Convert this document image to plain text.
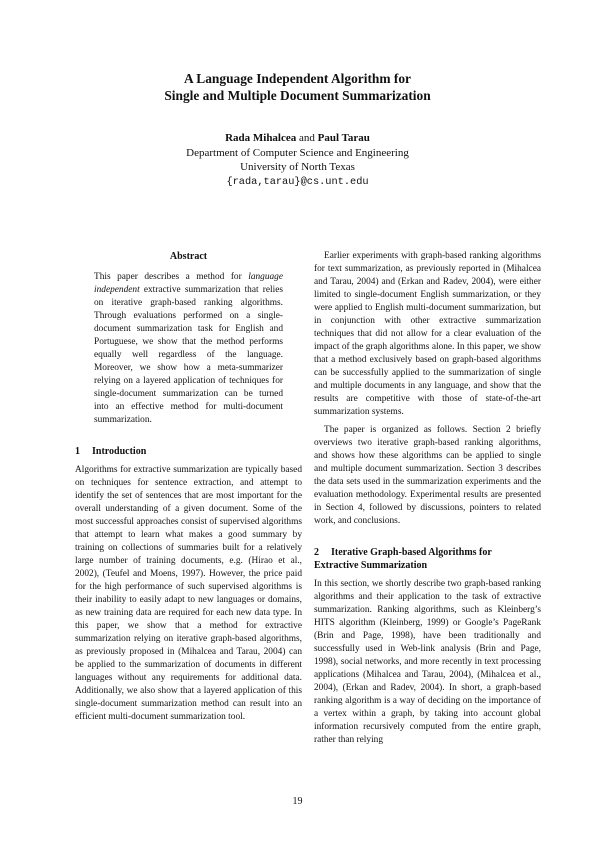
A Language Independent Algorithm for
Single and Multiple Document Summarization
Rada Mihalcea and Paul Tarau
Department of Computer Science and Engineering
University of North Texas
{rada,tarau}@cs.unt.edu
Abstract

This paper describes a method for language independent extractive summarization that relies on iterative graph-based ranking algorithms. Through evaluations performed on a single-document summarization task for English and Portuguese, we show that the method performs equally well regardless of the language. Moreover, we show how a meta-summarizer relying on a layered application of techniques for single-document summarization can be turned into an effective method for multi-document summarization.

1 Introduction

Algorithms for extractive summarization are typically based on techniques for sentence extraction, and attempt to identify the set of sentences that are most important for the overall understanding of a given document. Some of the most successful approaches consist of supervised algorithms that attempt to learn what makes a good summary by training on collections of summaries built for a relatively large number of training documents, e.g. (Hirao et al., 2002), (Teufel and Moens, 1997). However, the price paid for the high performance of such supervised algorithms is their inability to easily adapt to new languages or domains, as new training data are required for each new data type. In this paper, we show that a method for extractive summarization relying on iterative graph-based algorithms, as previously proposed in (Mihalcea and Tarau, 2004) can be applied to the summarization of documents in different languages without any requirements for additional data. Additionally, we also show that a layered application of this single-document summarization method can result into an efficient multi-document summarization tool.

Earlier experiments with graph-based ranking algorithms for text summarization, as previously reported in (Mihalcea and Tarau, 2004) and (Erkan and Radev, 2004), were either limited to single-document English summarization, or they were applied to English multi-document summarization, but in conjunction with other extractive summarization techniques that did not allow for a clear evaluation of the impact of the graph algorithms alone. In this paper, we show that a method exclusively based on graph-based algorithms can be successfully applied to the summarization of single and multiple documents in any language, and show that the results are competitive with those of state-of-the-art summarization systems.

The paper is organized as follows. Section 2 briefly overviews two iterative graph-based ranking algorithms, and shows how these algorithms can be applied to single and multiple document summarization. Section 3 describes the data sets used in the summarization experiments and the evaluation methodology. Experimental results are presented in Section 4, followed by discussions, pointers to related work, and conclusions.

2 Iterative Graph-based Algorithms for
Extractive Summarization

In this section, we shortly describe two graph-based ranking algorithms and their application to the task of extractive summarization. Ranking algorithms, such as Kleinberg’s HITS algorithm (Kleinberg, 1999) or Google’s PageRank (Brin and Page, 1998), have been traditionally and successfully used in Web-link analysis (Brin and Page, 1998), social networks, and more recently in text processing applications (Mihalcea and Tarau, 2004), (Mihalcea et al., 2004), (Erkan and Radev, 2004). In short, a graph-based ranking algorithm is a way of deciding on the importance of a vertex within a graph, by taking into account global information recursively computed from the entire graph, rather than relying

19
